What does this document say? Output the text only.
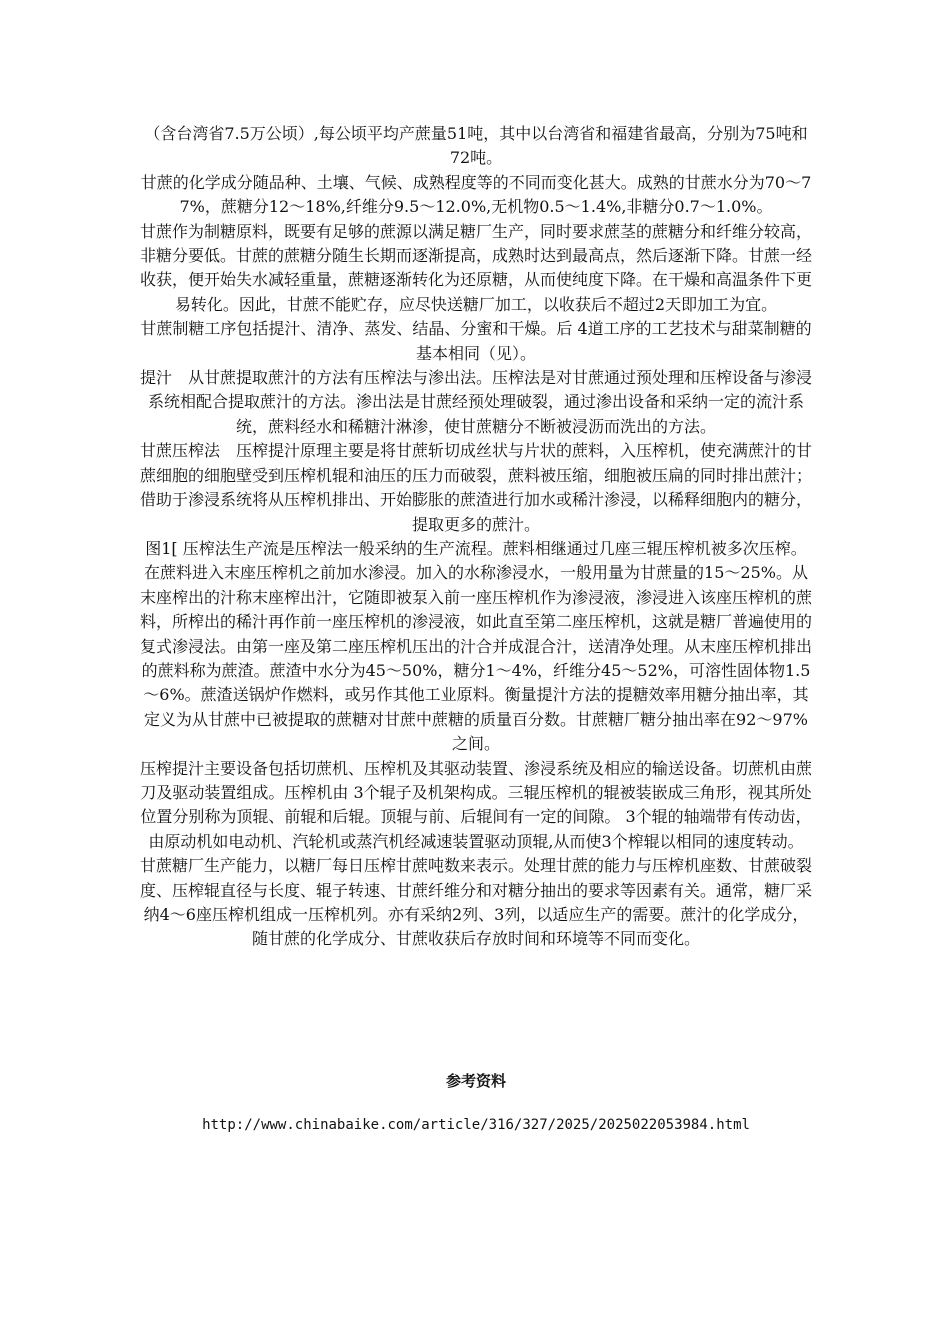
（含台湾省7.5万公顷）,每公顷平均产蔗量51吨，其中以台湾省和福建省最高，分别为75吨和72吨。

甘蔗的化学成分随品种、土壤、气候、成熟程度等的不同而变化甚大。成熟的甘蔗水分为70～77%，蔗糖分12～18%,纤维分9.5～12.0%,无机物0.5～1.4%,非糖分0.7～1.0%。

甘蔗作为制糖原料，既要有足够的蔗源以满足糖厂生产，同时要求蔗茎的蔗糖分和纤维分较高，非糖分要低。甘蔗的蔗糖分随生长期而逐渐提高，成熟时达到最高点，然后逐渐下降。甘蔗一经收获，便开始失水减轻重量，蔗糖逐渐转化为还原糖，从而使纯度下降。在干燥和高温条件下更易转化。因此，甘蔗不能贮存，应尽快送糖厂加工，以收获后不超过2天即加工为宜。

甘蔗制糖工序包括提汁、清净、蒸发、结晶、分蜜和干燥。后 4道工序的工艺技术与甜菜制糖的基本相同（见）。

提汁　从甘蔗提取蔗汁的方法有压榨法与渗出法。压榨法是对甘蔗通过预处理和压榨设备与渗浸系统相配合提取蔗汁的方法。渗出法是甘蔗经预处理破裂，通过渗出设备和采纳一定的流汁系统，蔗料经水和稀糖汁淋渗，使甘蔗糖分不断被浸沥而洗出的方法。

甘蔗压榨法　压榨提汁原理主要是将甘蔗斩切成丝状与片状的蔗料，入压榨机，使充满蔗汁的甘蔗细胞的细胞壁受到压榨机辊和油压的压力而破裂，蔗料被压缩，细胞被压扁的同时排出蔗汁；借助于渗浸系统将从压榨机排出、开始膨胀的蔗渣进行加水或稀汁渗浸，以稀释细胞内的糖分，提取更多的蔗汁。

图1[ 压榨法生产流是压榨法一般采纳的生产流程。蔗料相继通过几座三辊压榨机被多次压榨。在蔗料进入末座压榨机之前加水渗浸。加入的水称渗浸水，一般用量为甘蔗量的15～25%。从末座榨出的汁称末座榨出汁，它随即被泵入前一座压榨机作为渗浸液，渗浸进入该座压榨机的蔗料，所榨出的稀汁再作前一座压榨机的渗浸液，如此直至第二座压榨机，这就是糖厂普遍使用的复式渗浸法。由第一座及第二座压榨机压出的汁合并成混合汁，送清净处理。从末座压榨机排出的蔗料称为蔗渣。蔗渣中水分为45～50%，糖分1～4%，纤维分45～52%，可溶性固体物1.5～6%。蔗渣送锅炉作燃料，或另作其他工业原料。衡量提汁方法的提糖效率用糖分抽出率，其定义为从甘蔗中已被提取的蔗糖对甘蔗中蔗糖的质量百分数。甘蔗糖厂糖分抽出率在92～97%之间。

压榨提汁主要设备包括切蔗机、压榨机及其驱动装置、渗浸系统及相应的输送设备。切蔗机由蔗刀及驱动装置组成。压榨机由 3个辊子及机架构成。三辊压榨机的辊被装嵌成三角形，视其所处位置分别称为顶辊、前辊和后辊。顶辊与前、后辊间有一定的间隙。 3个辊的轴端带有传动齿，由原动机如电动机、汽轮机或蒸汽机经减速装置驱动顶辊,从而使3个榨辊以相同的速度转动。

甘蔗糖厂生产能力，以糖厂每日压榨甘蔗吨数来表示。处理甘蔗的能力与压榨机座数、甘蔗破裂度、压榨辊直径与长度、辊子转速、甘蔗纤维分和对糖分抽出的要求等因素有关。通常，糖厂采纳4～6座压榨机组成一压榨机列。亦有采纳2列、3列，以适应生产的需要。蔗汁的化学成分，随甘蔗的化学成分、甘蔗收获后存放时间和环境等不同而变化。

参考资料

http://www.chinabaike.com/article/316/327/2025/2025022053984.html
